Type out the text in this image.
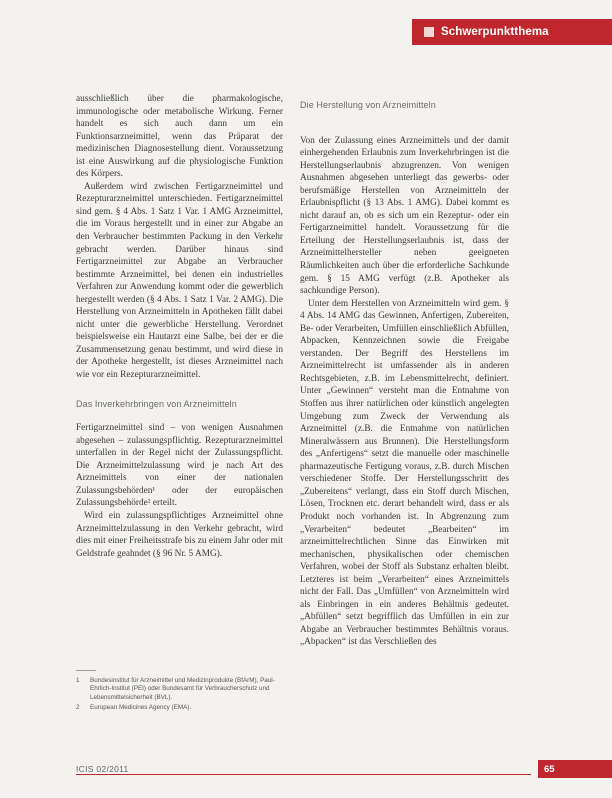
Schwerpunktthema

ausschließlich über die pharmakologische, immunologische oder metabolische Wirkung. Ferner handelt es sich auch dann um ein Funktionsarzneimittel, wenn das Präparat der medizinischen Diagnosestellung dient. Voraussetzung ist eine Auswirkung auf die physiologische Funktion des Körpers.

Außerdem wird zwischen Fertigarzneimittel und Rezepturarzneimittel unterschieden. Fertigarzneimittel sind gem. § 4 Abs. 1 Satz 1 Var. 1 AMG Arzneimittel, die im Voraus hergestellt und in einer zur Abgabe an den Verbraucher bestimmten Packung in den Verkehr gebracht werden. Darüber hinaus sind Fertigarzneimittel zur Abgabe an Verbraucher bestimmte Arzneimittel, bei denen ein industrielles Verfahren zur Anwendung kommt oder die gewerblich hergestellt werden (§ 4 Abs. 1 Satz 1 Var. 2 AMG). Die Herstellung von Arzneimitteln in Apotheken fällt dabei nicht unter die gewerbliche Herstellung. Verordnet beispielsweise ein Hautarzt eine Salbe, bei der er die Zusammensetzung genau bestimmt, und wird diese in der Apotheke hergestellt, ist dieses Arzneimittel nach wie vor ein Rezepturarzneimittel.

Das Inverkehrbringen von Arzneimitteln

Fertigarzneimittel sind – von wenigen Ausnahmen abgesehen – zulassungspflichtig. Rezepturarzneimittel unterfallen in der Regel nicht der Zulassungspflicht. Die Arzneimittelzulassung wird je nach Art des Arzneimittels von einer der nationalen Zulassungsbehörden¹ oder der europäischen Zulassungsbehörde² erteilt.

Wird ein zulassungspflichtiges Arzneimittel ohne Arzneimittelzulassung in den Verkehr gebracht, wird dies mit einer Freiheitsstrafe bis zu einem Jahr oder mit Geldstrafe geahndet (§ 96 Nr. 5 AMG).

1	Bundesinstitut für Arzneimittel und Medizinprodukte (BfArM), Paul-Ehrlich-Institut (PEI) oder Bundesamt für Verbraucherschutz und Lebensmittelsicherheit (BVL).
2	European Medicines Agency (EMA).
Die Herstellung von Arzneimitteln

Von der Zulassung eines Arzneimittels und der damit einhergehenden Erlaubnis zum Inverkehrbringen ist die Herstellungserlaubnis abzugrenzen. Von wenigen Ausnahmen abgesehen unterliegt das gewerbs- oder berufsmäßige Herstellen von Arzneimitteln der Erlaubnispflicht (§ 13 Abs. 1 AMG). Dabei kommt es nicht darauf an, ob es sich um ein Rezeptur- oder ein Fertigarzneimittel handelt. Voraussetzung für die Erteilung der Herstellungserlaubnis ist, dass der Arzneimittelhersteller neben geeigneten Räumlichkeiten auch über die erforderliche Sachkunde gem. § 15 AMG verfügt (z.B. Apotheker als sachkundige Person).

Unter dem Herstellen von Arzneimitteln wird gem. § 4 Abs. 14 AMG das Gewinnen, Anfertigen, Zubereiten, Be- oder Verarbeiten, Umfüllen einschließlich Abfüllen, Abpacken, Kennzeichnen sowie die Freigabe verstanden. Der Begriff des Herstellens im Arzneimittelrecht ist umfassender als in anderen Rechtsgebieten, z.B. im Lebensmittelrecht, definiert. Unter „Gewinnen“ versteht man die Entnahme von Stoffen aus ihrer natürlichen oder künstlich angelegten Umgebung zum Zweck der Verwendung als Arzneimittel (z.B. die Entnahme von natürlichen Mineralwässern aus Brunnen). Die Herstellungsform des „Anfertigens“ setzt die manuelle oder maschinelle pharmazeutische Fertigung voraus, z.B. durch Mischen verschiedener Stoffe. Der Herstellungsschritt des „Zubereitens“ verlangt, dass ein Stoff durch Mischen, Lösen, Trocknen etc. derart behandelt wird, dass er als Produkt noch vorhanden ist. In Abgrenzung zum „Verarbeiten“ bedeutet „Bearbeiten“ im arzneimittelrechtlichen Sinne das Einwirken mit mechanischen, physikalischen oder chemischen Verfahren, wobei der Stoff als Substanz erhalten bleibt. Letzteres ist beim „Verarbeiten“ eines Arzneimittels nicht der Fall. Das „Umfüllen“ von Arzneimitteln wird als Einbringen in ein anderes Behältnis gedeutet. „Abfüllen“ setzt begrifflich das Umfüllen in ein zur Abgabe an Verbraucher bestimmtes Behältnis voraus. „Abpacken“ ist das Verschließen des

ICIS 02/2011	65
